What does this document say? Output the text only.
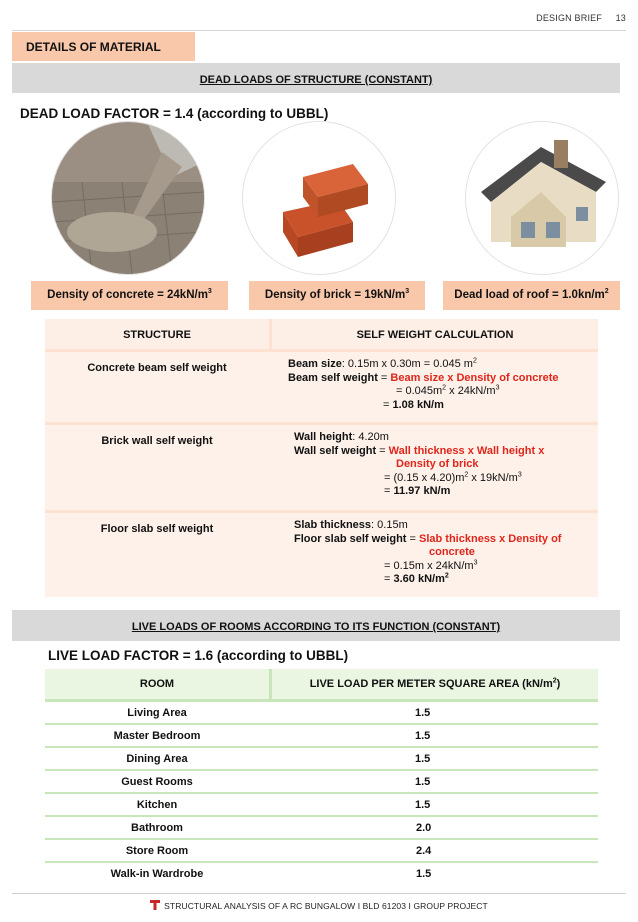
DESIGN BRIEF 13
DETAILS OF MATERIAL
DEAD LOADS OF STRUCTURE (CONSTANT)
DEAD LOAD FACTOR = 1.4 (according to UBBL)
Density of concrete = $24kN/m^3$	Density of brick = $19kN/m^3$	Dead load of roof = $1.0kn/m^2$
STRUCTURE	SELF WEIGHT CALCULATION
Concrete beam self weight	Beam size: 0.15m x 0.30m = 0.045 $m^2$
Beam self weight = Beam size x Density of concrete
= $0.045m^2$ x $24kN/m^3$
= 1.08 kN/m
Brick wall self weight	Wall height: 4.20m
Wall self weight = Wall thickness x Wall height x
Density of brick
= (0.15 x $4.20)m^2$ x $19kN/m^3$
= 11.97 kN/m
Floor slab self weight	Slab thickness: 0.15m
Floor slab self weight = Slab thickness x Density of
concrete
= 0.15m x $24kN/m^3$
= 3.60 $kN/m^2$
LIVE LOADS OF ROOMS ACCORDING TO ITS FUNCTION (CONSTANT)
LIVE LOAD FACTOR = 1.6 (according to UBBL)
ROOM	LIVE LOAD PER METER SQUARE AREA $(kN/m^2)$
Living Area	1.5
Master Bedroom	1.5
Dining Area	1.5
Guest Rooms	1.5
Kitchen	1.5
Bathroom	2.0
Store Room	2.4
Walk-in Wardrobe	1.5
STRUCTURAL ANALYSIS OF A RC BUNGALOW I BLD 61203 I GROUP PROJECT
